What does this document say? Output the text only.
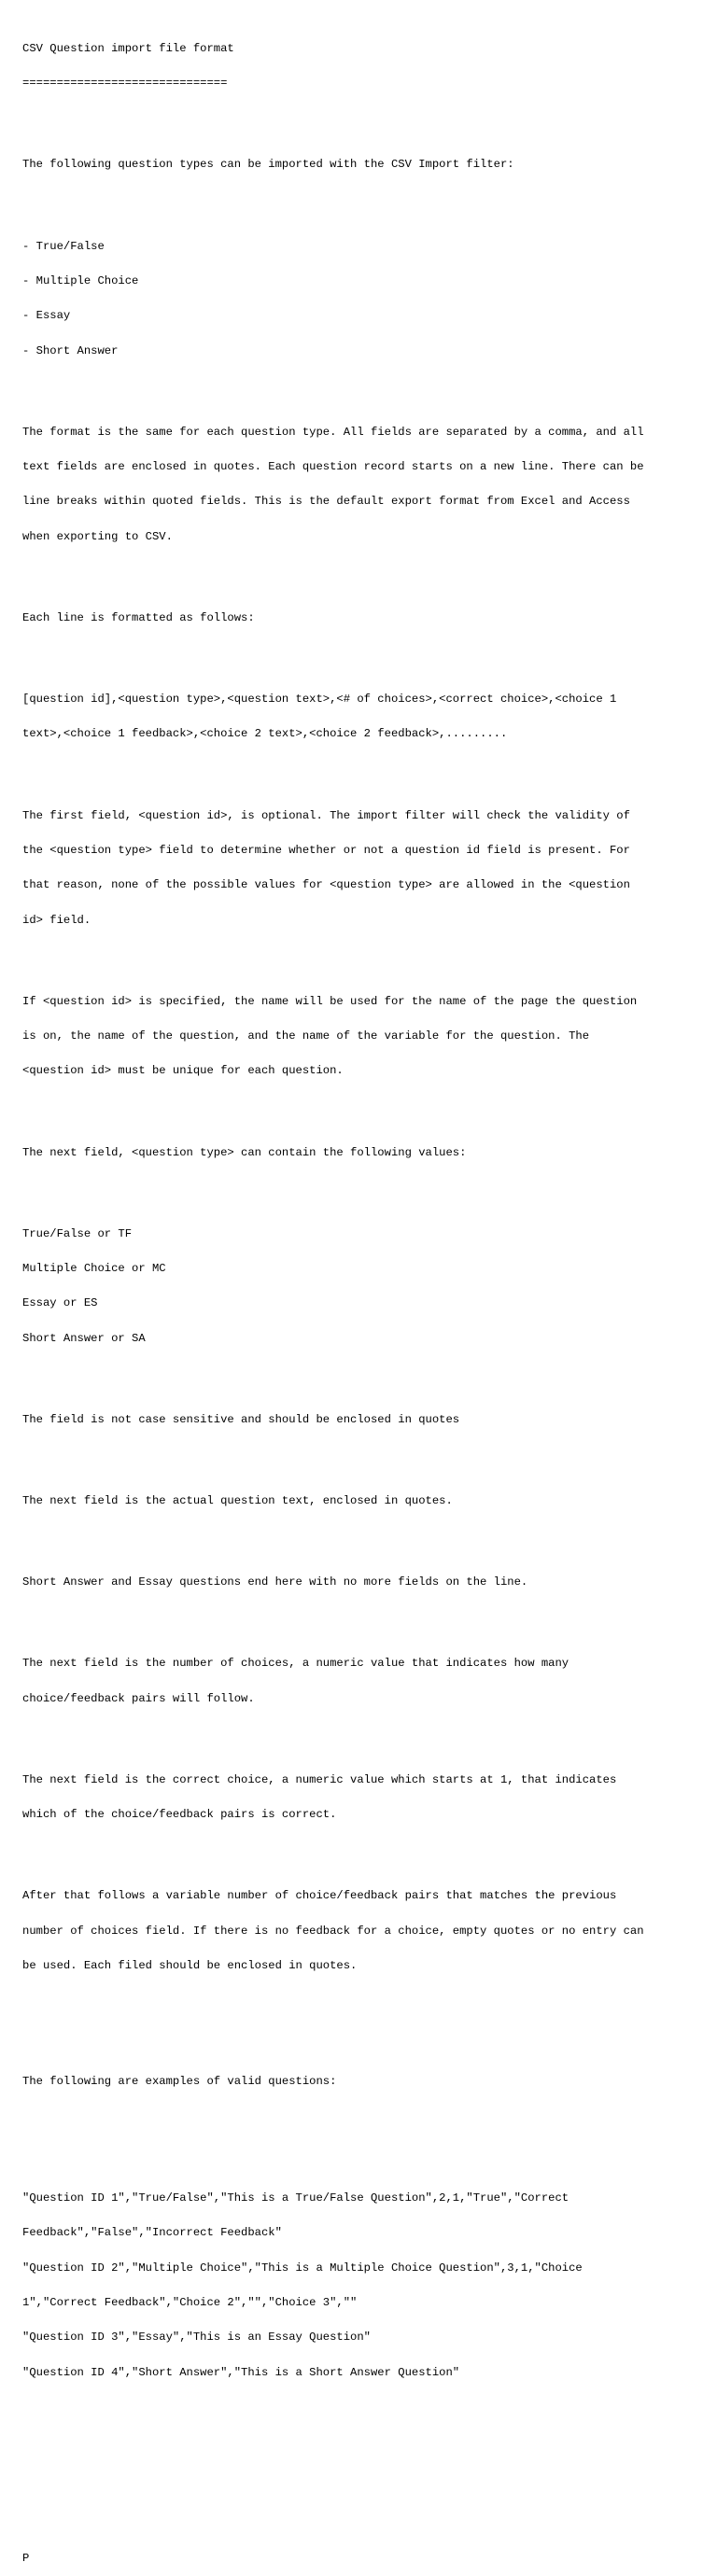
CSV Question import file format

==============================

The following question types can be imported with the CSV Import filter:

- True/False

- Multiple Choice

- Essay

- Short Answer

The format is the same for each question type. All fields are separated by a comma, and all

text fields are enclosed in quotes. Each question record starts on a new line. There can be

line breaks within quoted fields. This is the default export format from Excel and Access

when exporting to CSV.

Each line is formatted as follows:

[question id],<question type>,<question text>,<# of choices>,<correct choice>,<choice 1

text>,<choice 1 feedback>,<choice 2 text>,<choice 2 feedback>,.........

The first field, <question id>, is optional. The import filter will check the validity of

the <question type> field to determine whether or not a question id field is present. For

that reason, none of the possible values for <question type> are allowed in the <question

id> field.

If <question id> is specified, the name will be used for the name of the page the question

is on, the name of the question, and the name of the variable for the question. The

<question id> must be unique for each question.

The next field, <question type> can contain the following values:

True/False or TF

Multiple Choice or MC

Essay or ES

Short Answer or SA

The field is not case sensitive and should be enclosed in quotes

The next field is the actual question text, enclosed in quotes.

Short Answer and Essay questions end here with no more fields on the line.

The next field is the number of choices, a numeric value that indicates how many

choice/feedback pairs will follow.

The next field is the correct choice, a numeric value which starts at 1, that indicates

which of the choice/feedback pairs is correct.

After that follows a variable number of choice/feedback pairs that matches the previous

number of choices field. If there is no feedback for a choice, empty quotes or no entry can

be used. Each filed should be enclosed in quotes.

The following are examples of valid questions:

"Question ID 1","True/False","This is a True/False Question",2,1,"True","Correct

Feedback","False","Incorrect Feedback"

"Question ID 2","Multiple Choice","This is a Multiple Choice Question",3,1,"Choice

1","Correct Feedback","Choice 2","","Choice 3",""

"Question ID 3","Essay","This is an Essay Question"

"Question ID 4","Short Answer","This is a Short Answer Question"

P
